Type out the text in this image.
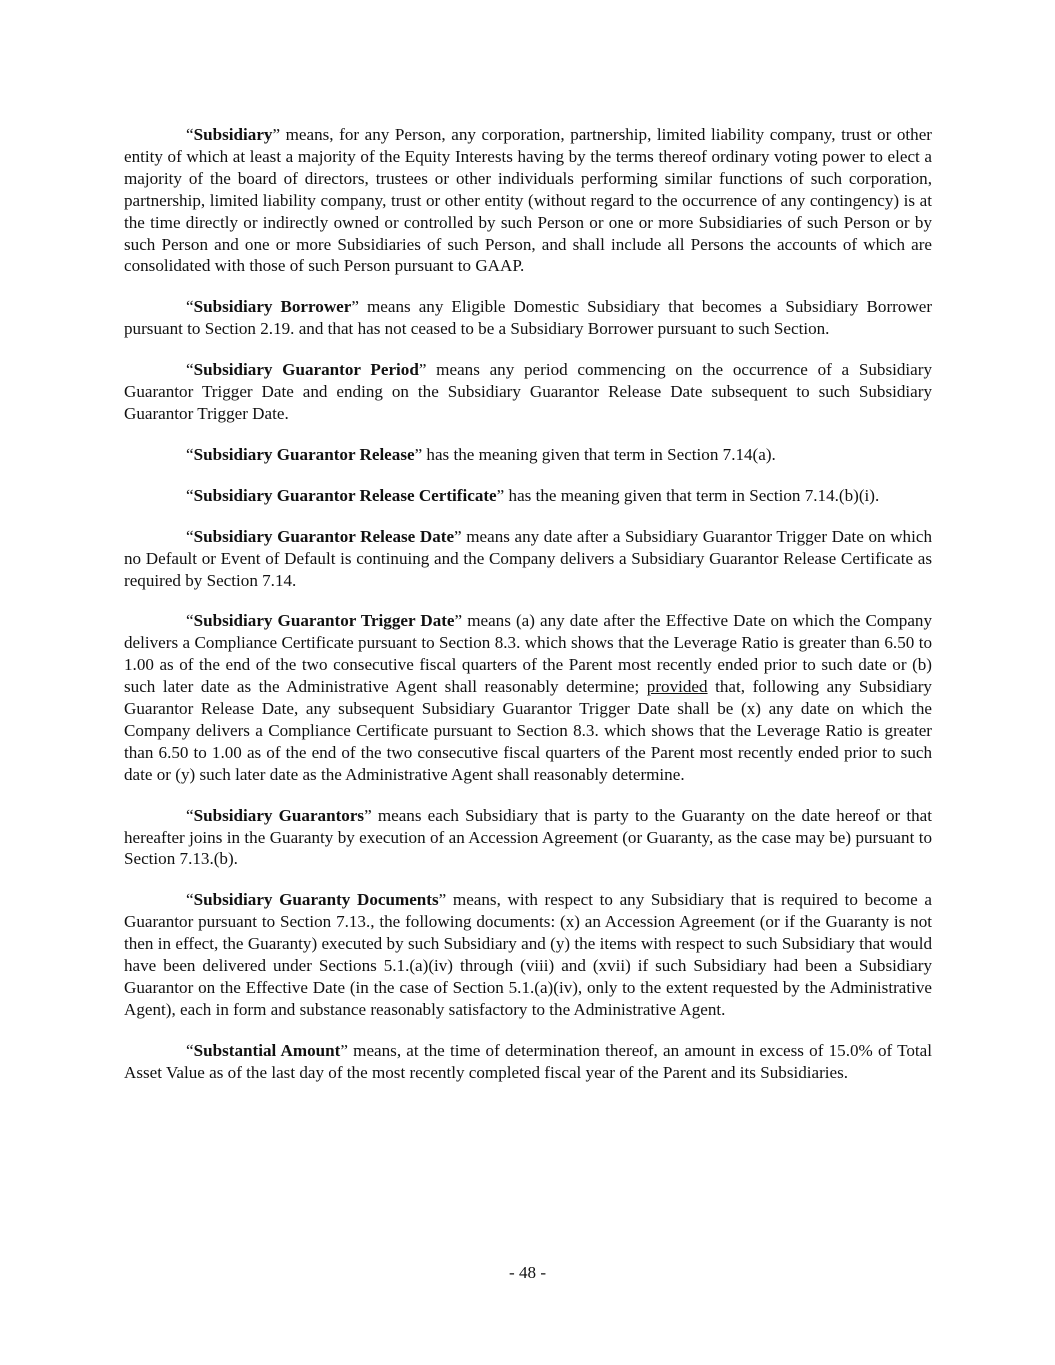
“Subsidiary” means, for any Person, any corporation, partnership, limited liability company, trust or other entity of which at least a majority of the Equity Interests having by the terms thereof ordinary voting power to elect a majority of the board of directors, trustees or other individuals performing similar functions of such corporation, partnership, limited liability company, trust or other entity (without regard to the occurrence of any contingency) is at the time directly or indirectly owned or controlled by such Person or one or more Subsidiaries of such Person or by such Person and one or more Subsidiaries of such Person, and shall include all Persons the accounts of which are consolidated with those of such Person pursuant to GAAP.

“Subsidiary Borrower” means any Eligible Domestic Subsidiary that becomes a Subsidiary Borrower pursuant to Section 2.19. and that has not ceased to be a Subsidiary Borrower pursuant to such Section.

“Subsidiary Guarantor Period” means any period commencing on the occurrence of a Subsidiary Guarantor Trigger Date and ending on the Subsidiary Guarantor Release Date subsequent to such Subsidiary Guarantor Trigger Date.

“Subsidiary Guarantor Release” has the meaning given that term in Section 7.14(a).

“Subsidiary Guarantor Release Certificate” has the meaning given that term in Section 7.14.(b)(i).

“Subsidiary Guarantor Release Date” means any date after a Subsidiary Guarantor Trigger Date on which no Default or Event of Default is continuing and the Company delivers a Subsidiary Guarantor Release Certificate as required by Section 7.14.

“Subsidiary Guarantor Trigger Date” means (a) any date after the Effective Date on which the Company delivers a Compliance Certificate pursuant to Section 8.3. which shows that the Leverage Ratio is greater than 6.50 to 1.00 as of the end of the two consecutive fiscal quarters of the Parent most recently ended prior to such date or (b) such later date as the Administrative Agent shall reasonably determine; provided that, following any Subsidiary Guarantor Release Date, any subsequent Subsidiary Guarantor Trigger Date shall be (x) any date on which the Company delivers a Compliance Certificate pursuant to Section 8.3. which shows that the Leverage Ratio is greater than 6.50 to 1.00 as of the end of the two consecutive fiscal quarters of the Parent most recently ended prior to such date or (y) such later date as the Administrative Agent shall reasonably determine.

“Subsidiary Guarantors” means each Subsidiary that is party to the Guaranty on the date hereof or that hereafter joins in the Guaranty by execution of an Accession Agreement (or Guaranty, as the case may be) pursuant to Section 7.13.(b).

“Subsidiary Guaranty Documents” means, with respect to any Subsidiary that is required to become a Guarantor pursuant to Section 7.13., the following documents: (x) an Accession Agreement (or if the Guaranty is not then in effect, the Guaranty) executed by such Subsidiary and (y) the items with respect to such Subsidiary that would have been delivered under Sections 5.1.(a)(iv) through (viii) and (xvii) if such Subsidiary had been a Subsidiary Guarantor on the Effective Date (in the case of Section 5.1.(a)(iv), only to the extent requested by the Administrative Agent), each in form and substance reasonably satisfactory to the Administrative Agent.

“Substantial Amount” means, at the time of determination thereof, an amount in excess of 15.0% of Total Asset Value as of the last day of the most recently completed fiscal year of the Parent and its Subsidiaries.

- 48 -
